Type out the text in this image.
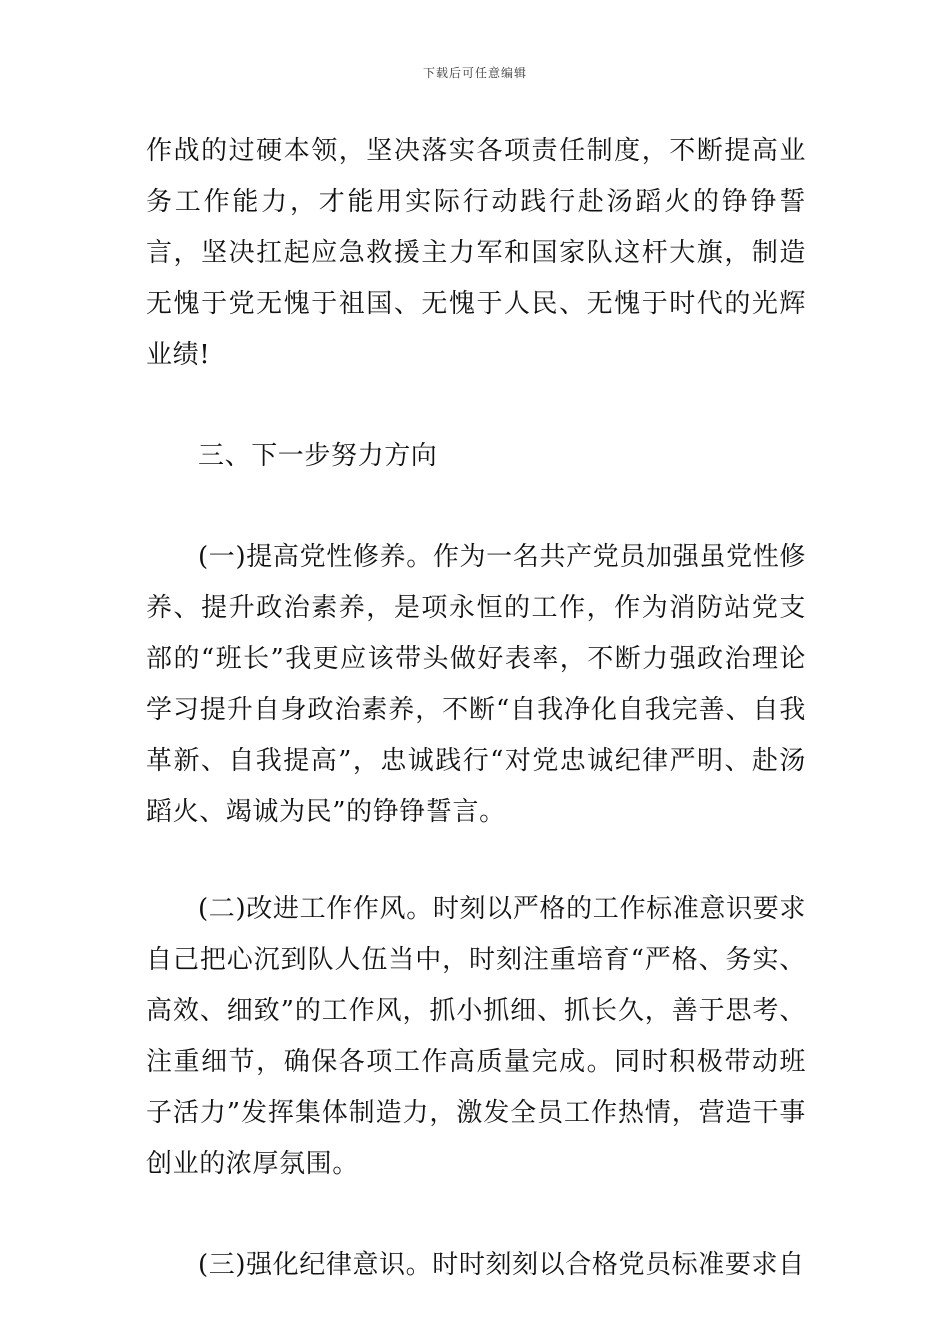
下载后可任意编辑

作战的过硬本领，坚决落实各项责任制度，不断提高业务工作能力，才能用实际行动践行赴汤蹈火的铮铮誓言，坚决扛起应急救援主力军和国家队这杆大旗，制造无愧于党无愧于祖国、无愧于人民、无愧于时代的光辉业绩!

三、下一步努力方向

(一)提高党性修养。作为一名共产党员加强虽党性修养、提升政治素养，是项永恒的工作，作为消防站党支部的“班长”我更应该带头做好表率，不断力强政治理论学习提升自身政治素养，不断“自我净化自我完善、自我革新、自我提高”，忠诚践行“对党忠诚纪律严明、赴汤蹈火、竭诚为民”的铮铮誓言。

(二)改进工作作风。时刻以严格的工作标准意识要求自己把心沉到队人伍当中，时刻注重培育“严格、务实、高效、细致”的工作风，抓小抓细、抓长久，善于思考、注重细节，确保各项工作高质量完成。同时积极带动班子活力”发挥集体制造力，激发全员工作热情，营造干事创业的浓厚氛围。

(三)强化纪律意识。时时刻刻以合格党员标准要求自
